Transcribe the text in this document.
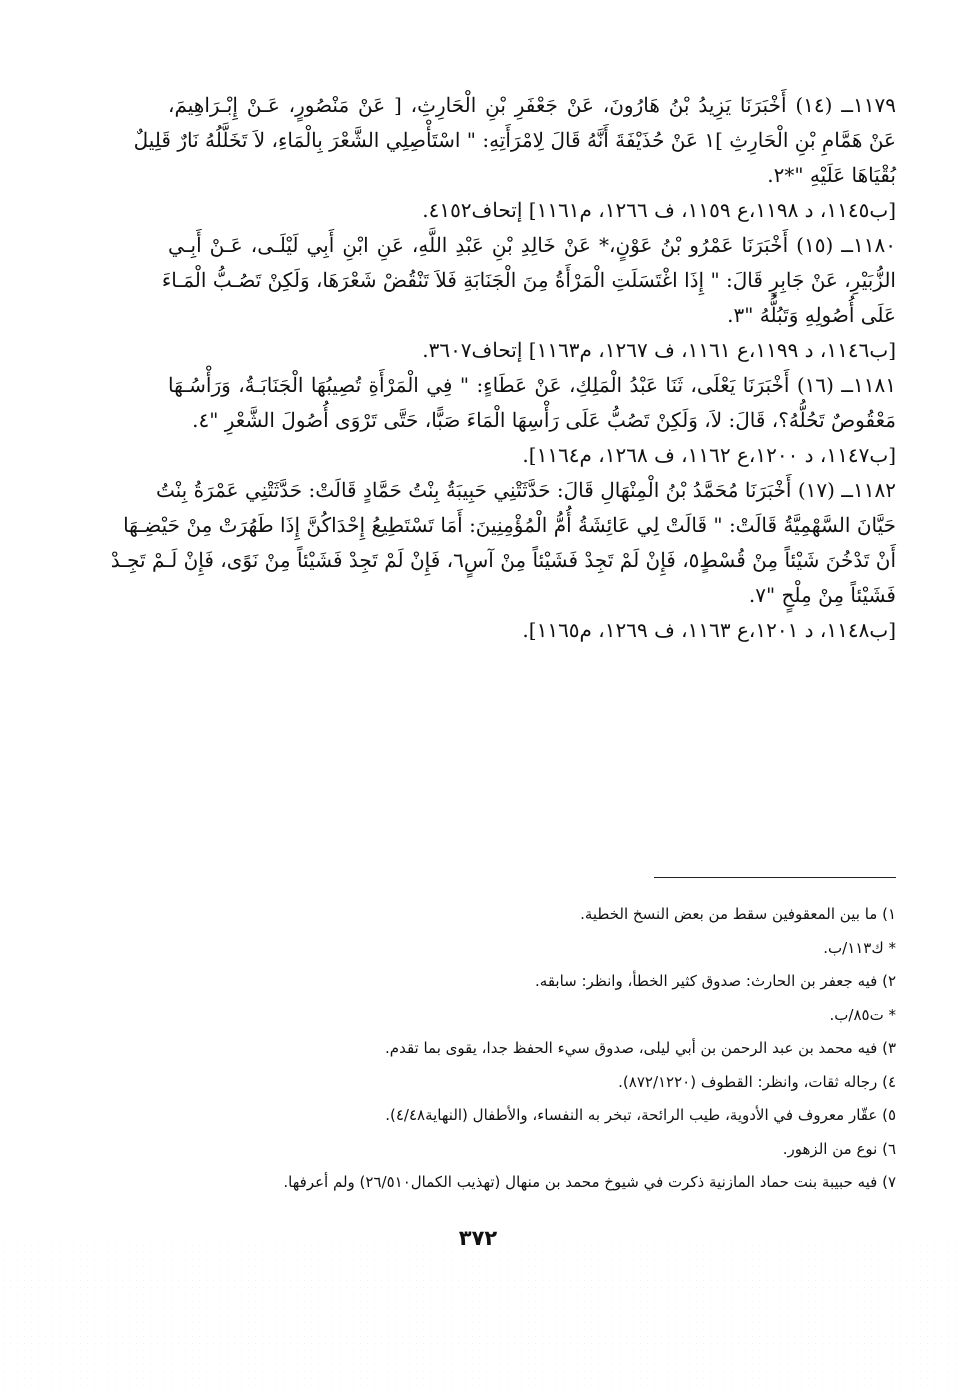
١١٧٩ــ (١٤) أَخْبَرَنَا يَزِيدُ بْنُ هَارُونَ، عَنْ جَعْفَرِ بْنِ الْحَارِثِ، [ عَنْ مَنْصُورٍ، عَـنْ إِبْـرَاهِيمَ،
عَنْ هَمَّامِ بْنِ الْحَارِثِ ]١ عَنْ حُذَيْفَةَ أَنَّهُ قَالَ لِامْرَأَتِهِ: " اسْتَأْصِلِي الشَّعْرَ بِالْمَاءِ، لاَ تَخَلَّلُهُ نَارٌ قَلِيلٌ
بُقْيَاهَا عَلَيْهِ "*٢.
[ب١١٤٥، د ١١٩٨،ع ١١٥٩، ف ١٢٦٦، م١١٦١] إتحاف٤١٥٢.
١١٨٠ــ (١٥) أَخْبَرَنَا عَمْرُو بْنُ عَوْنٍ،* عَنْ خَالِدِ بْنِ عَبْدِ اللَّهِ، عَنِ ابْنِ أَبِي لَيْلَـى، عَـنْ أَبِـي
الزُّبَيْرِ، عَنْ جَابِرٍ قَالَ: " إِذَا اغْتَسَلَتِ الْمَرْأَةُ مِنَ الْجَنَابَةِ فَلاَ تَنْقُضْ شَعْرَهَا، وَلَكِنْ تَصُـبُّ الْمَـاءَ
عَلَى أُصُولِهِ وَتَبُلُّهُ "٣.
[ب١١٤٦، د ١١٩٩،ع ١١٦١، ف ١٢٦٧، م١١٦٣] إتحاف٣٦٠٧.
١١٨١ــ (١٦) أَخْبَرَنَا يَعْلَى، ثَنَا عَبْدُ الْمَلِكِ، عَنْ عَطَاءٍ: " فِي الْمَرْأَةِ تُصِيبُهَا الْجَنَابَـةُ، وَرَأْسُـهَا
مَعْقُوصٌ تَحُلُّهُ؟، قَالَ: لاَ، وَلَكِنْ تَصُبُّ عَلَى رَأْسِهَا الْمَاءَ صَبًّا، حَتَّى تَرْوَى أُصُولَ الشَّعْرِ "٤.
[ب١١٤٧، د ١٢٠٠،ع ١١٦٢، ف ١٢٦٨، م١١٦٤].
١١٨٢ــ (١٧) أَخْبَرَنَا مُحَمَّدُ بْنُ الْمِنْهَالِ قَالَ: حَدَّثَتْنِي حَبِيبَةُ بِنْتُ حَمَّادٍ قَالَتْ: حَدَّثَتْنِي عَمْرَةُ بِنْتُ
حَيَّانَ السَّهْمِيَّةُ قَالَتْ: " قَالَتْ لِي عَائِشَةُ أُمُّ الْمُؤْمِنِينَ: أَمَا تَسْتَطِيعُ إِحْدَاكُنَّ إِذَا طَهُرَتْ مِنْ حَيْضِـهَا
أَنْ تَدْخُنَ شَيْئاً مِنْ قُسْطٍ٥، فَإِنْ لَمْ تَجِدْ فَشَيْئاً مِنْ آسٍ٦، فَإِنْ لَمْ تَجِدْ فَشَيْئاً مِنْ نَوًى، فَإِنْ لَـمْ تَجِـدْ
فَشَيْئاً مِنْ مِلْحٍ "٧.
[ب١١٤٨، د ١٢٠١،ع ١١٦٣، ف ١٢٦٩، م١١٦٥].
١) ما بين المعقوفين سقط من بعض النسخ الخطية.
* ك١١٣/ب.
٢) فيه جعفر بن الحارث: صدوق كثير الخطأ، وانظر: سابقه.
* ت٨٥/ب.
٣) فيه محمد بن عبد الرحمن بن أبي ليلى، صدوق سيء الحفظ جدا، يقوى بما تقدم.
٤) رجاله ثقات، وانظر: القطوف (٨٧٢/١٢٢٠).
٥) عقّار معروف في الأدوية، طيب الرائحة، تبخر به النفساء، والأطفال (النهاية٤/٤٨).
٦) نوع من الزهور.
٧) فيه حبيبة بنت حماد المازنية ذكرت في شيوخ محمد بن منهال (تهذيب الكمال٢٦/٥١٠) ولم أعرفها.
٣٧٢
